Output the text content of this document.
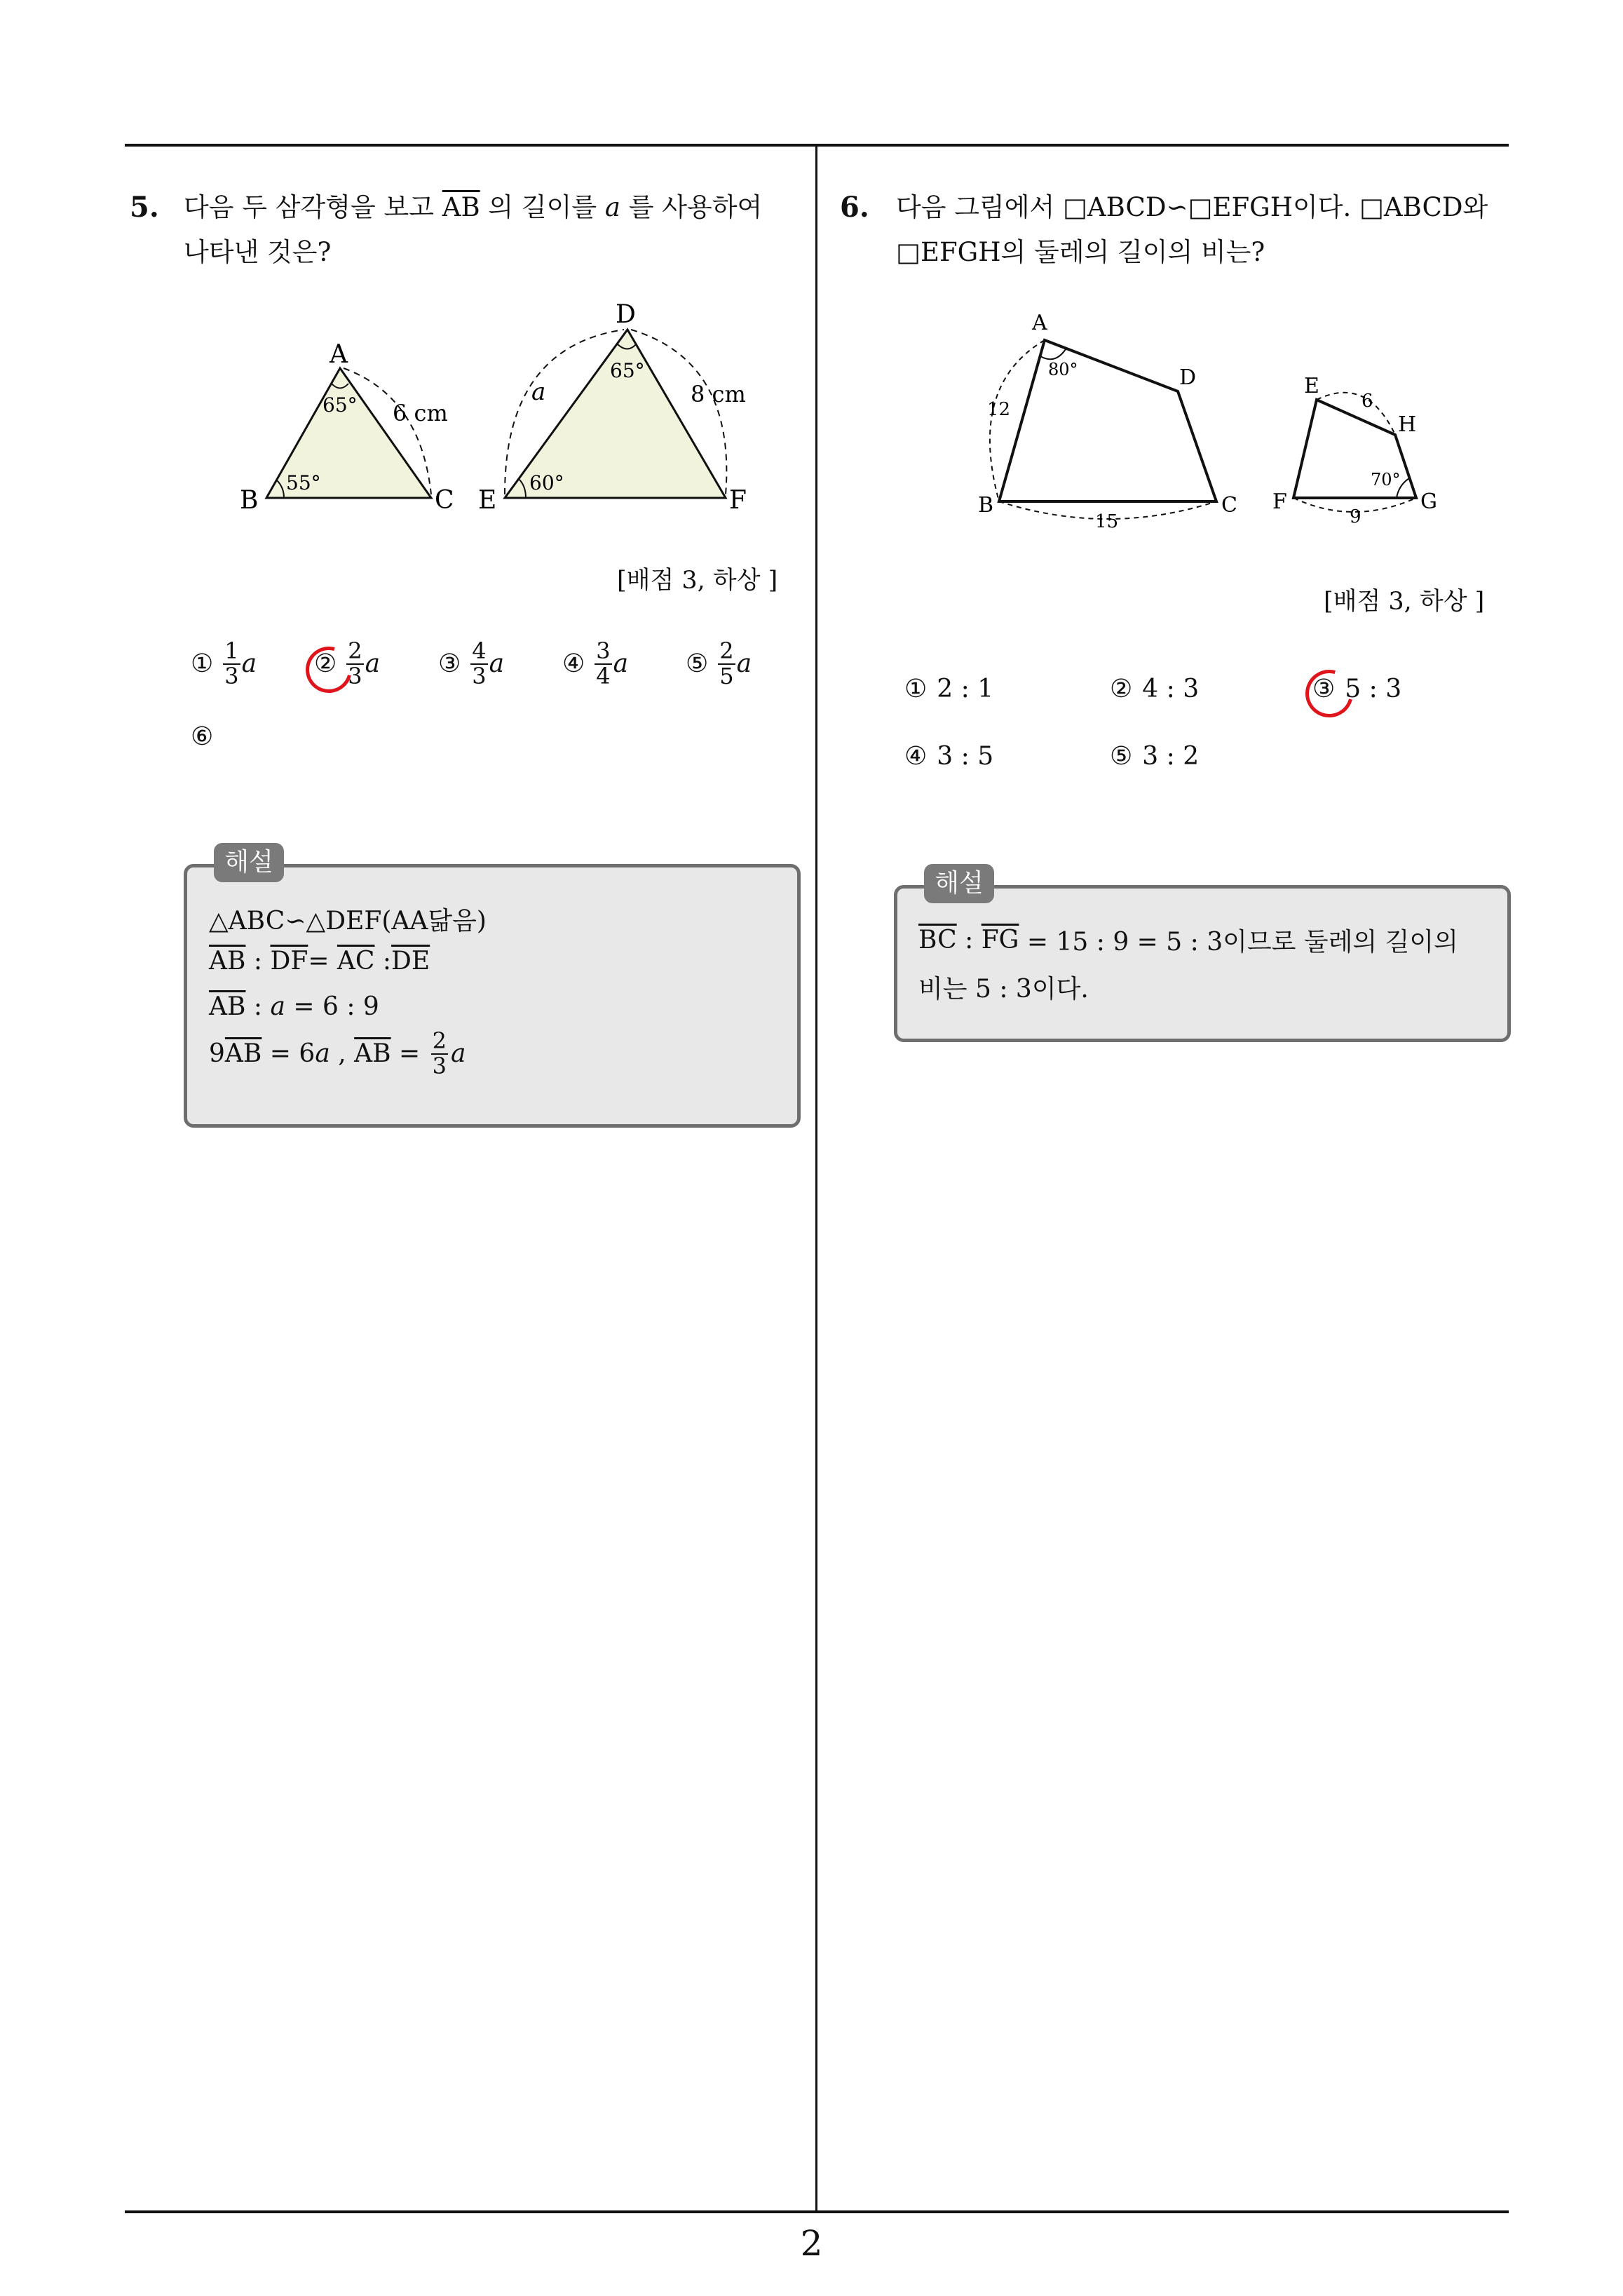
2
5. 다음 두 삼각형을 보고 $\overline{AB}$ 의 길이를 a 를 사용하여
나타낸 것은?
A
B	C
D
E	F
65°
55°
65°
60°
6 cm
a	8 cm
[배점 3, 하상 ]
① $\frac{1}{3}$ a ② $\frac{2}{3}$ a ③ $\frac{4}{3}$ a ④ $\frac{3}{4}$ a ⑤ $\frac{2}{5}$ a
⑥
해설
△ABC∽△DEF(AA닮음)
$\overline{AB}$ : $\overline{DF} = \overline{AC}$ : $\overline{DE}$
$\overline{AB}$ : a = 6 : 9
9 $\overline{AB} = 6$ a , $\overline{AB} = \frac{2}{3}$ a
6. 다음 그림에서 □ABCD∽□EFGH이다. □ABCD와
□EFGH의 둘레의 길이의 비는?
A
B	C
D	E
F	G
H
80°
70°
12
15
6
9
[배점 3, 하상 ]
① 2 : 1	② 4 : 3	③ 5 : 3
④ 3 : 5	⑤ 3 : 2
해설
$\overline{BC}$ : $\overline{FG} = 15$ : 9 = 5 : 3이므로 둘레의 길이의
비는 5 : 3이다.
